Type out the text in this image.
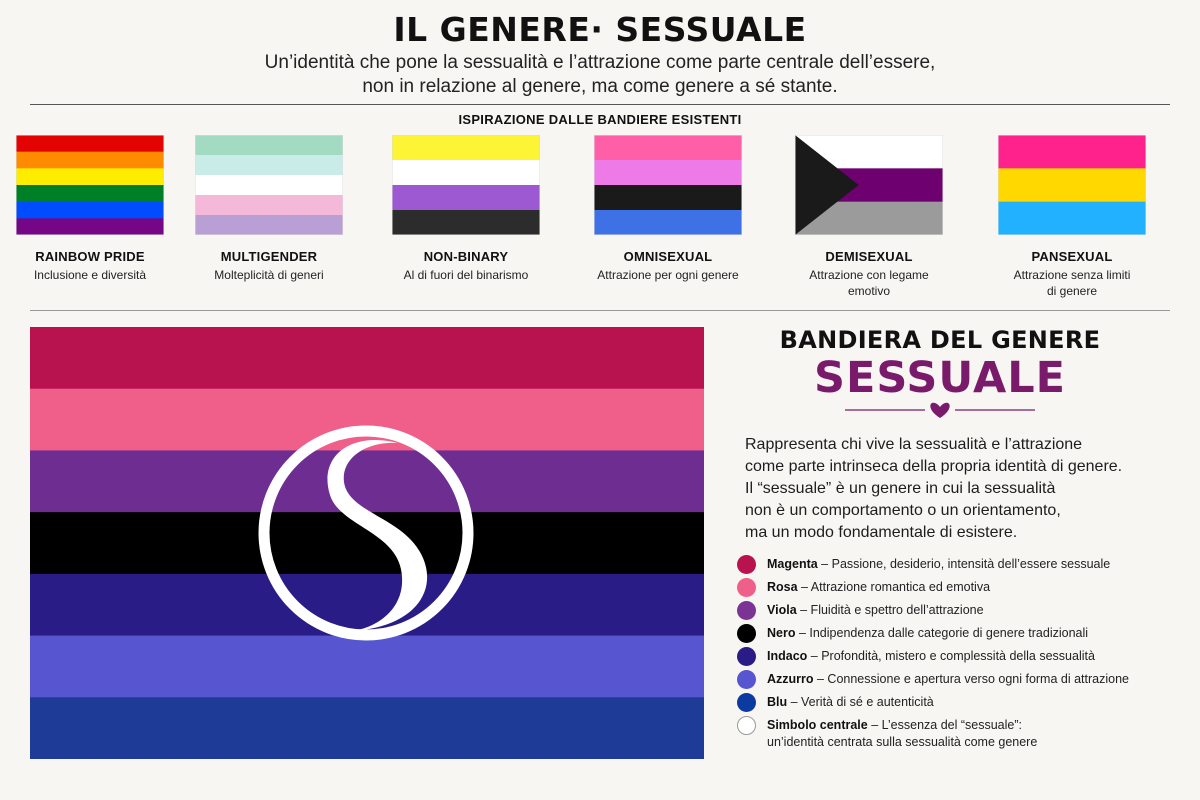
IL GENERE· SESSUALE
Un’identità che pone la sessualità e l’attrazione come parte centrale dell’essere,
non in relazione al genere, ma come genere a sé stante.
ISPIRAZIONE DALLE BANDIERE ESISTENTI
RAINBOW PRIDE
Inclusione e diversità
MULTIGENDER
Molteplicità di generi
NON-BINARY
Al di fuori del binarismo
OMNISEXUAL
Attrazione per ogni genere
DEMISEXUAL
Attrazione con legame
emotivo
PANSEXUAL
Attrazione senza limiti
di genere
BANDIERA DEL GENERE
SESSUALE
Rappresenta chi vive la sessualità e l’attrazione
come parte intrinseca della propria identità di genere.
Il “sessuale” è un genere in cui la sessualità
non è un comportamento o un orientamento,
ma un modo fondamentale di esistere.
Magenta – Passione, desiderio, intensità dell’essere sessuale
Rosa – Attrazione romantica ed emotiva
Viola – Fluidità e spettro dell’attrazione
Nero – Indipendenza dalle categorie di genere tradizionali
Indaco – Profondità, mistero e complessità della sessualità
Azzurro – Connessione e apertura verso ogni forma di attrazione
Blu – Verità di sé e autenticità
Simbolo centrale – L’essenza del “sessuale”:
un’identità centrata sulla sessualità come genere
